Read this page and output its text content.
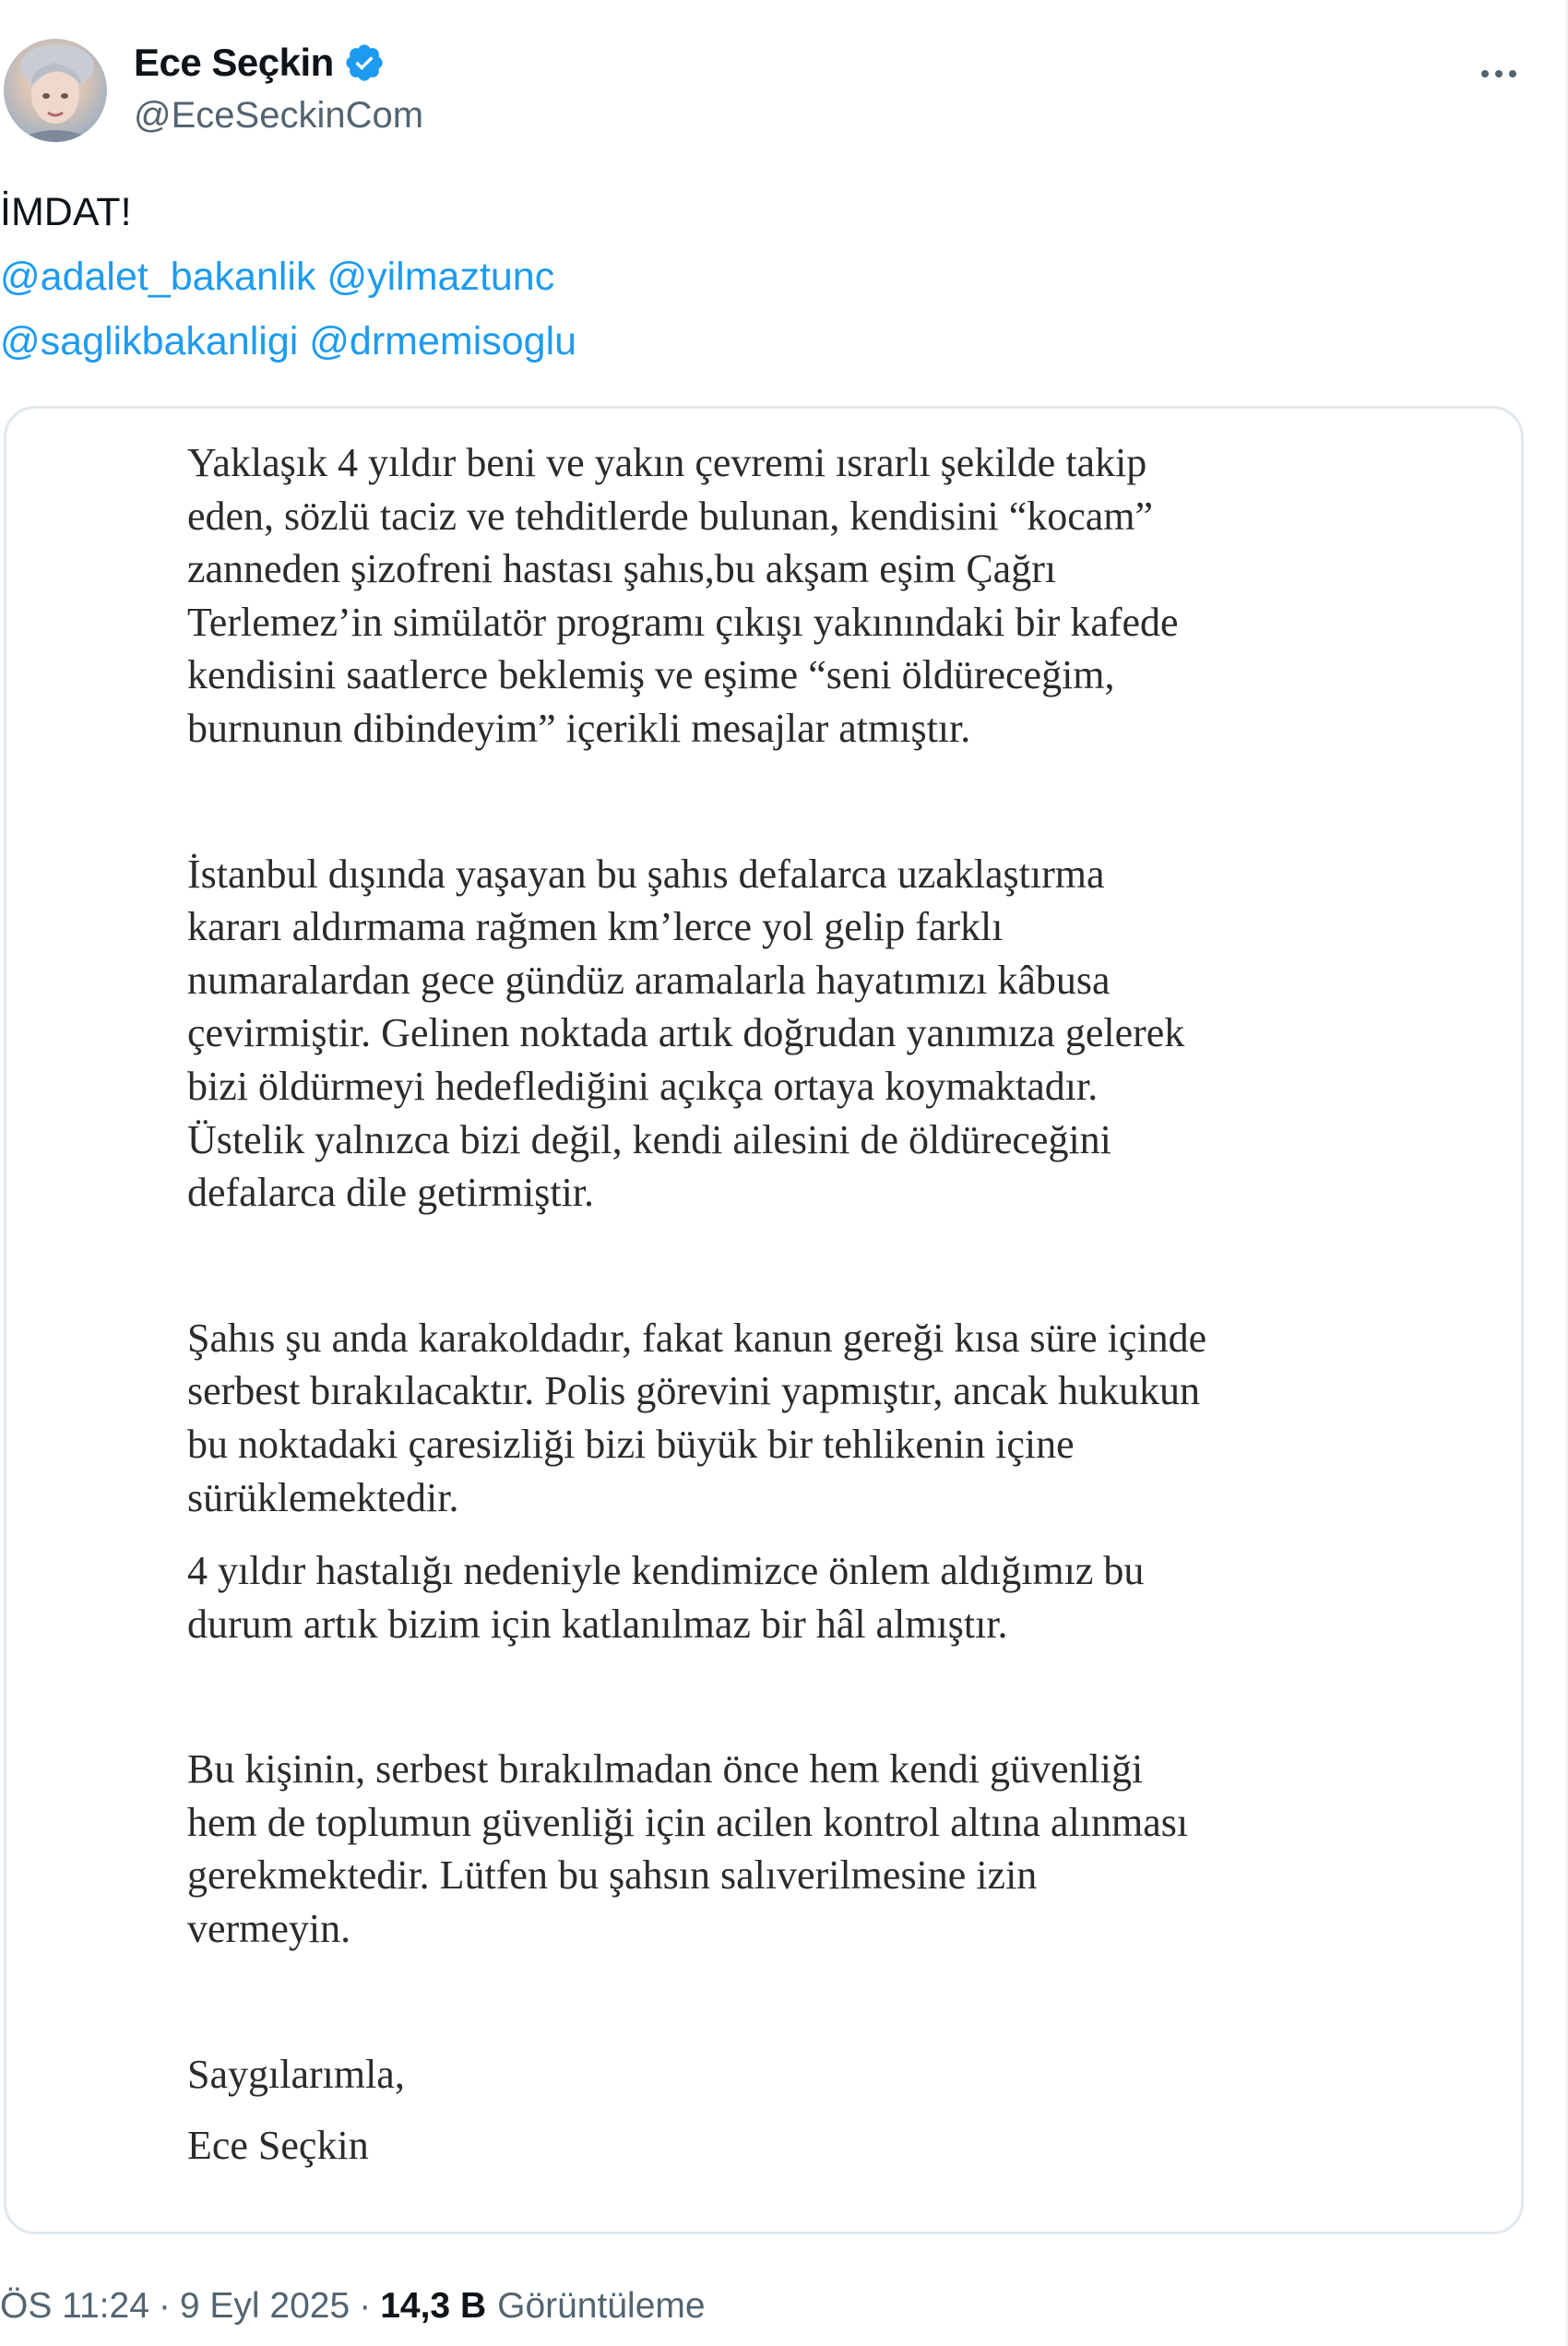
Ece Seçkin
@EceSeckinCom
İMDAT!
@adalet_bakanlik @yilmaztunc
@saglikbakanligi @drmemisoglu

Yaklaşık 4 yıldır beni ve yakın çevremi ısrarlı şekilde takip
eden, sözlü taciz ve tehditlerde bulunan, kendisini “kocam”
zanneden şizofreni hastası şahıs,bu akşam eşim Çağrı
Terlemez’in simülatör programı çıkışı yakınındaki bir kafede
kendisini saatlerce beklemiş ve eşime “seni öldüreceğim,
burnunun dibindeyim” içerikli mesajlar atmıştır.

İstanbul dışında yaşayan bu şahıs defalarca uzaklaştırma
kararı aldırmama rağmen km’lerce yol gelip farklı
numaralardan gece gündüz aramalarla hayatımızı kâbusa
çevirmiştir. Gelinen noktada artık doğrudan yanımıza gelerek
bizi öldürmeyi hedeflediğini açıkça ortaya koymaktadır.
Üstelik yalnızca bizi değil, kendi ailesini de öldüreceğini
defalarca dile getirmiştir.

Şahıs şu anda karakoldadır, fakat kanun gereği kısa süre içinde
serbest bırakılacaktır. Polis görevini yapmıştır, ancak hukukun
bu noktadaki çaresizliği bizi büyük bir tehlikenin içine
sürüklemektedir.

4 yıldır hastalığı nedeniyle kendimizce önlem aldığımız bu
durum artık bizim için katlanılmaz bir hâl almıştır.

Bu kişinin, serbest bırakılmadan önce hem kendi güvenliği
hem de toplumun güvenliği için acilen kontrol altına alınması
gerekmektedir. Lütfen bu şahsın salıverilmesine izin
vermeyin.

Saygılarımla,

Ece Seçkin

ÖS 11:24 · 9 Eyl 2025 · 14,3 B Görüntüleme
